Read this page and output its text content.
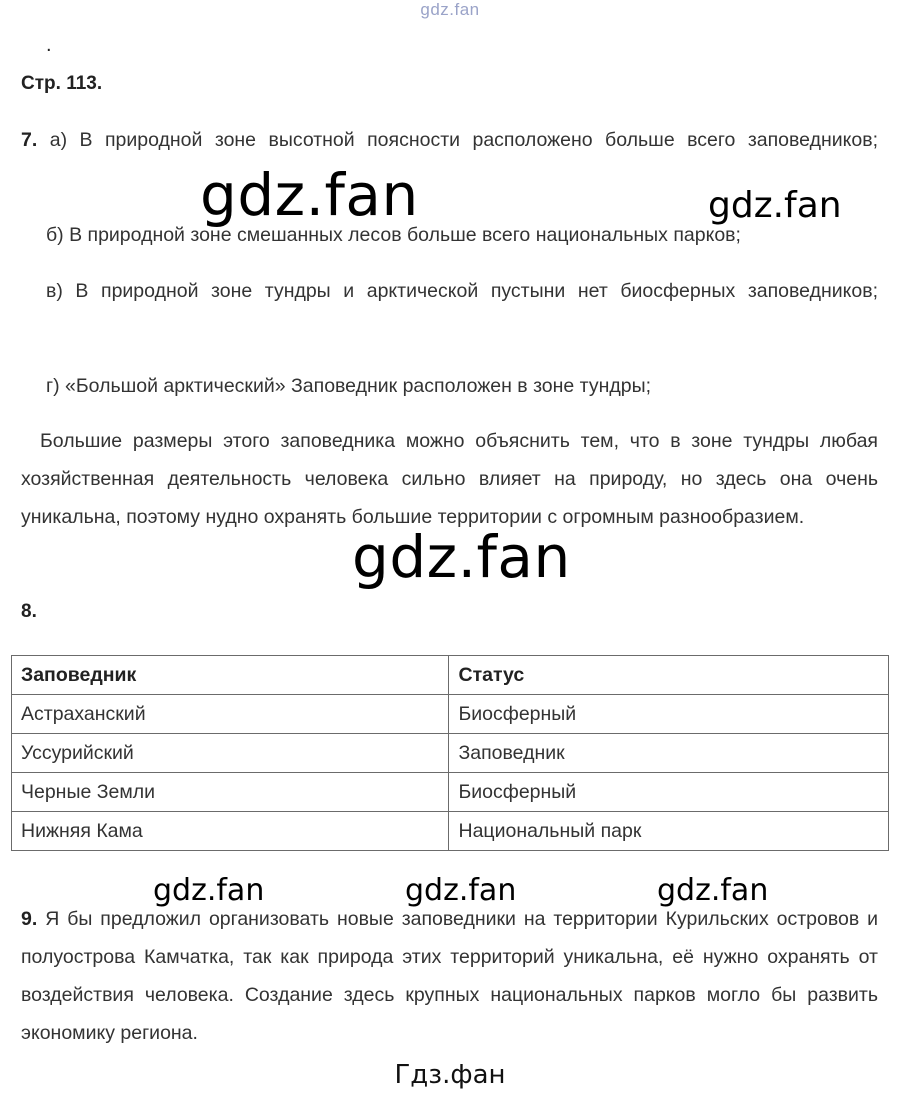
gdz.fan
.
Стр. 113.
7. а) В природной зоне высотной поясности расположено больше всего заповедников;
б) В природной зоне смешанных лесов больше всего национальных парков;
в) В природной зоне тундры и арктической пустыни нет биосферных заповедников;
г) «Большой арктический» Заповедник расположен в зоне тундры;
Большие размеры этого заповедника можно объяснить тем, что в зоне тундры любая хозяйственная деятельность человека сильно влияет на природу, но здесь она очень уникальна, поэтому нудно охранять большие территории с огромным разнообразием.
8.
Заповедник	Статус
Астраханский	Биосферный
Уссурийский	Заповедник
Черные Земли	Биосферный
Нижняя Кама	Национальный парк
9. Я бы предложил организовать новые заповедники на территории Курильских островов и полуострова Камчатка, так как природа этих территорий уникальна, её нужно охранять от воздействия человека. Создание здесь крупных национальных парков могло бы развить экономику региона.
gdz.fan	gdz.fan
gdz.fan
gdz.fan	gdz.fan	gdz.fan
Гдз.фан
